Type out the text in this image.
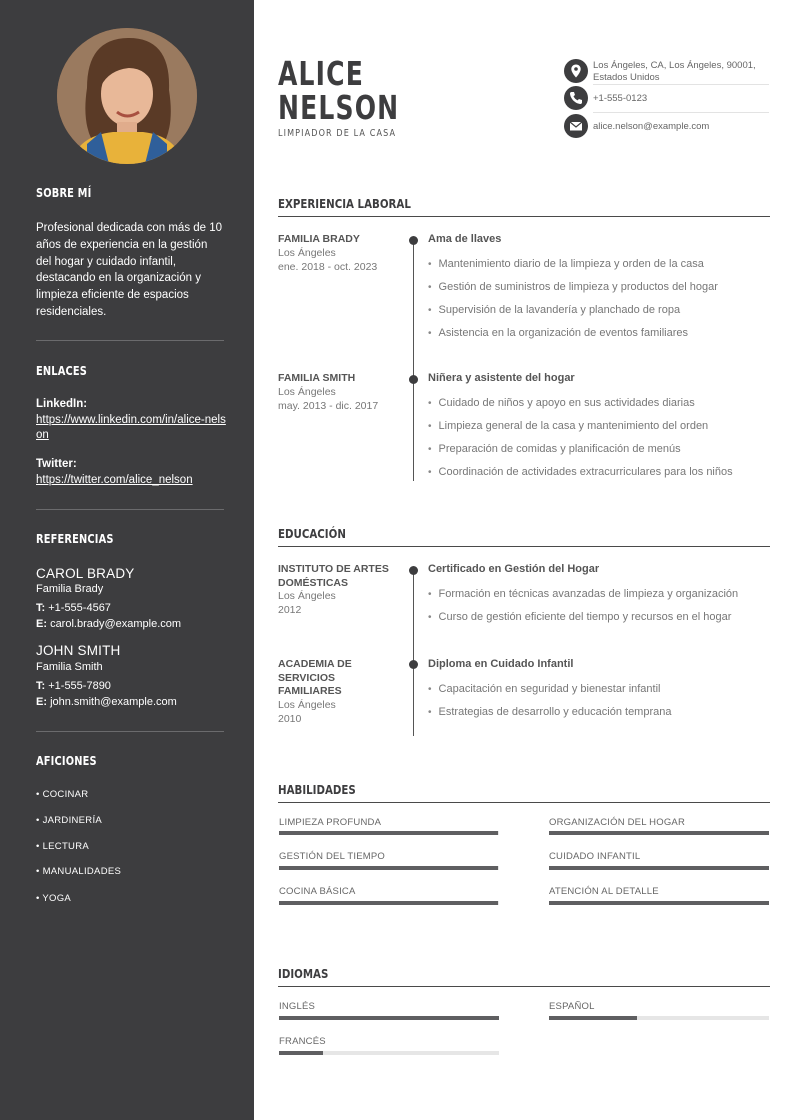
SOBRE MÍ
Profesional dedicada con más de 10 años de experiencia en la gestión del hogar y cuidado infantil, destacando en la organización y limpieza eficiente de espacios residenciales.
ENLACES
LinkedIn:
https://www.linkedin.com/in/alice-nelson
Twitter:
https://twitter.com/alice_nelson
REFERENCIAS
CAROL BRADY
Familia Brady
T: +1-555-4567
E: carol.brady@example.com
JOHN SMITH
Familia Smith
T: +1-555-7890
E: john.smith@example.com
AFICIONES
• COCINAR
• JARDINERÍA
• LECTURA
• MANUALIDADES
• YOGA
ALICE
NELSON
LIMPIADOR DE LA CASA
Los Ángeles, CA, Los Ángeles, 90001,
Estados Unidos
+1-555-0123
alice.nelson@example.com
EXPERIENCIA LABORAL
FAMILIA BRADY
Los Ángeles
ene. 2018 - oct. 2023
Ama de llaves
• Mantenimiento diario de la limpieza y orden de la casa
• Gestión de suministros de limpieza y productos del hogar
• Supervisión de la lavandería y planchado de ropa
• Asistencia en la organización de eventos familiares
FAMILIA SMITH
Los Ángeles
may. 2013 - dic. 2017
Niñera y asistente del hogar
• Cuidado de niños y apoyo en sus actividades diarias
• Limpieza general de la casa y mantenimiento del orden
• Preparación de comidas y planificación de menús
• Coordinación de actividades extracurriculares para los niños
EDUCACIÓN
INSTITUTO DE ARTES
DOMÉSTICAS
Los Ángeles
2012
Certificado en Gestión del Hogar
• Formación en técnicas avanzadas de limpieza y organización
• Curso de gestión eficiente del tiempo y recursos en el hogar
ACADEMIA DE
SERVICIOS
FAMILIARES
Los Ángeles
2010
Diploma en Cuidado Infantil
• Capacitación en seguridad y bienestar infantil
• Estrategias de desarrollo y educación temprana
HABILIDADES
LIMPIEZA PROFUNDA	ORGANIZACIÓN DEL HOGAR
GESTIÓN DEL TIEMPO	CUIDADO INFANTIL
COCINA BÁSICA	ATENCIÓN AL DETALLE
IDIOMAS
INGLÉS	ESPAÑOL
FRANCÉS
